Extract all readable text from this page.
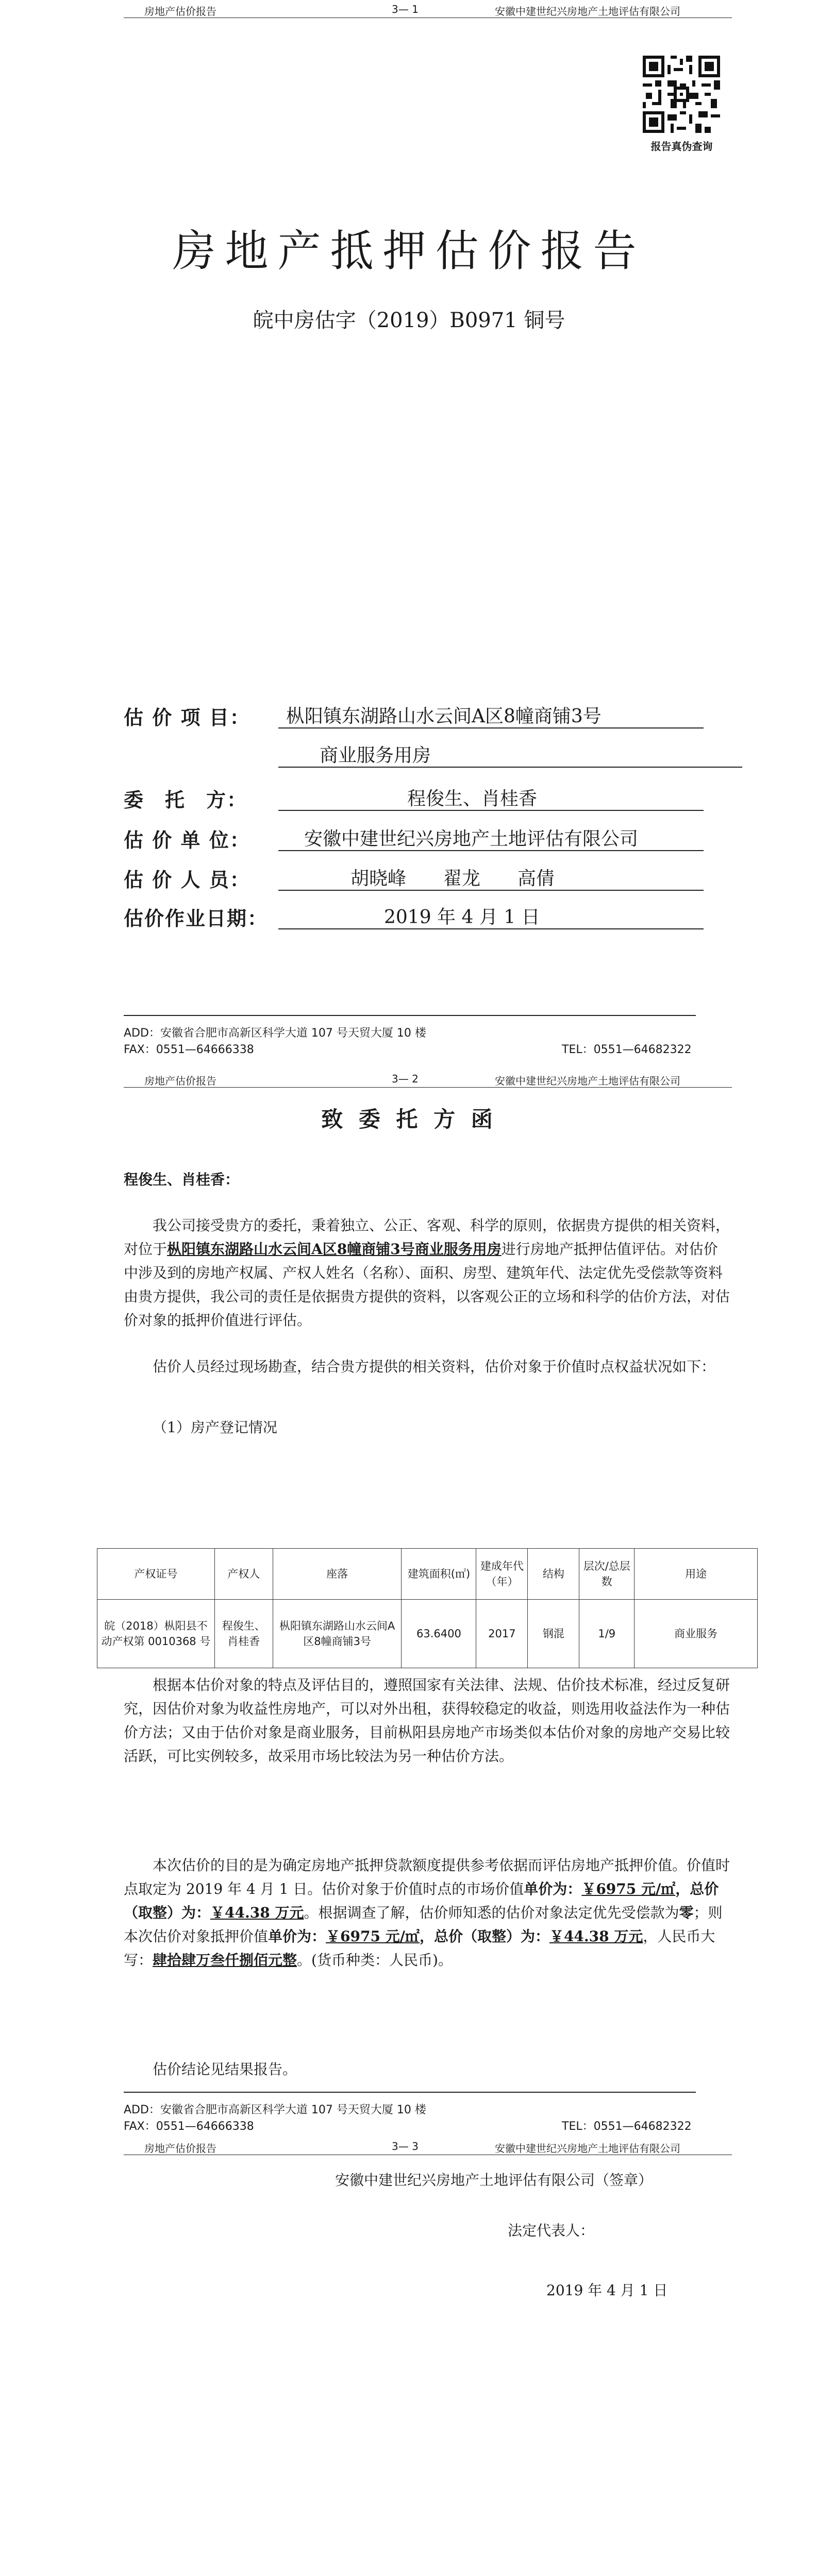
房地产估价报告	3— 1	安徽中建世纪兴房地产土地评估有限公司
报告真伪查询
房地产抵押估价报告
皖中房估字（2019）B0971 铜号
估 价 项 目： 枞阳镇东湖路山水云间A区8幢商铺3号
商业服务用房
委　托　方：	程俊生、肖桂香
估 价 单 位：	安徽中建世纪兴房地产土地评估有限公司
估 价 人 员：	胡晓峰　　翟龙　　高倩
估价作业日期：	2019 年 4 月 1 日
ADD：安徽省合肥市高新区科学大道 107 号天贸大厦 10 楼
FAX：0551—64666338	TEL：0551—64682322
房地产估价报告	3— 2	安徽中建世纪兴房地产土地评估有限公司
致 委 托 方 函
程俊生、肖桂香：
我公司接受贵方的委托，秉着独立、公正、客观、科学的原则，依据贵方提供的相关资料，对位于枞阳镇东湖路山水云间A区8幢商铺3号商业服务用房进行房地产抵押估值评估。对估价中涉及到的房地产权属、产权人姓名（名称）、面积、房型、建筑年代、法定优先受偿款等资料由贵方提供，我公司的责任是依据贵方提供的资料，以客观公正的立场和科学的估价方法，对估价对象的抵押价值进行评估。
估价人员经过现场勘查，结合贵方提供的相关资料，估价对象于价值时点权益状况如下：
（1）房产登记情况
产权证号	产权人	座落	建筑面积(㎡)	建成年代（年）	结构	层次/总层数	用途
皖（2018）枞阳县不动产权第 0010368 号	程俊生、肖桂香	枞阳镇东湖路山水云间A区8幢商铺3号	63.6400	2017	钢混	1/9	商业服务
根据本估价对象的特点及评估目的，遵照国家有关法律、法规、估价技术标准，经过反复研究，因估价对象为收益性房地产，可以对外出租，获得较稳定的收益，则选用收益法作为一种估价方法；又由于估价对象是商业服务，目前枞阳县房地产市场类似本估价对象的房地产交易比较活跃，可比实例较多，故采用市场比较法为另一种估价方法。
本次估价的目的是为确定房地产抵押贷款额度提供参考依据而评估房地产抵押价值。价值时点取定为 2019 年 4 月 1 日。估价对象于价值时点的市场价值单价为：￥6975 元/㎡，总价（取整）为：￥44.38 万元。根据调查了解，估价师知悉的估价对象法定优先受偿款为零；则本次估价对象抵押价值单价为：￥6975 元/㎡，总价（取整）为：￥44.38 万元，人民币大写：肆拾肆万叁仟捌佰元整。(货币种类：人民币)。
估价结论见结果报告。
ADD：安徽省合肥市高新区科学大道 107 号天贸大厦 10 楼
FAX：0551—64666338	TEL：0551—64682322
房地产估价报告	3— 3	安徽中建世纪兴房地产土地评估有限公司
安徽中建世纪兴房地产土地评估有限公司（签章）
法定代表人：
2019 年 4 月 1 日
